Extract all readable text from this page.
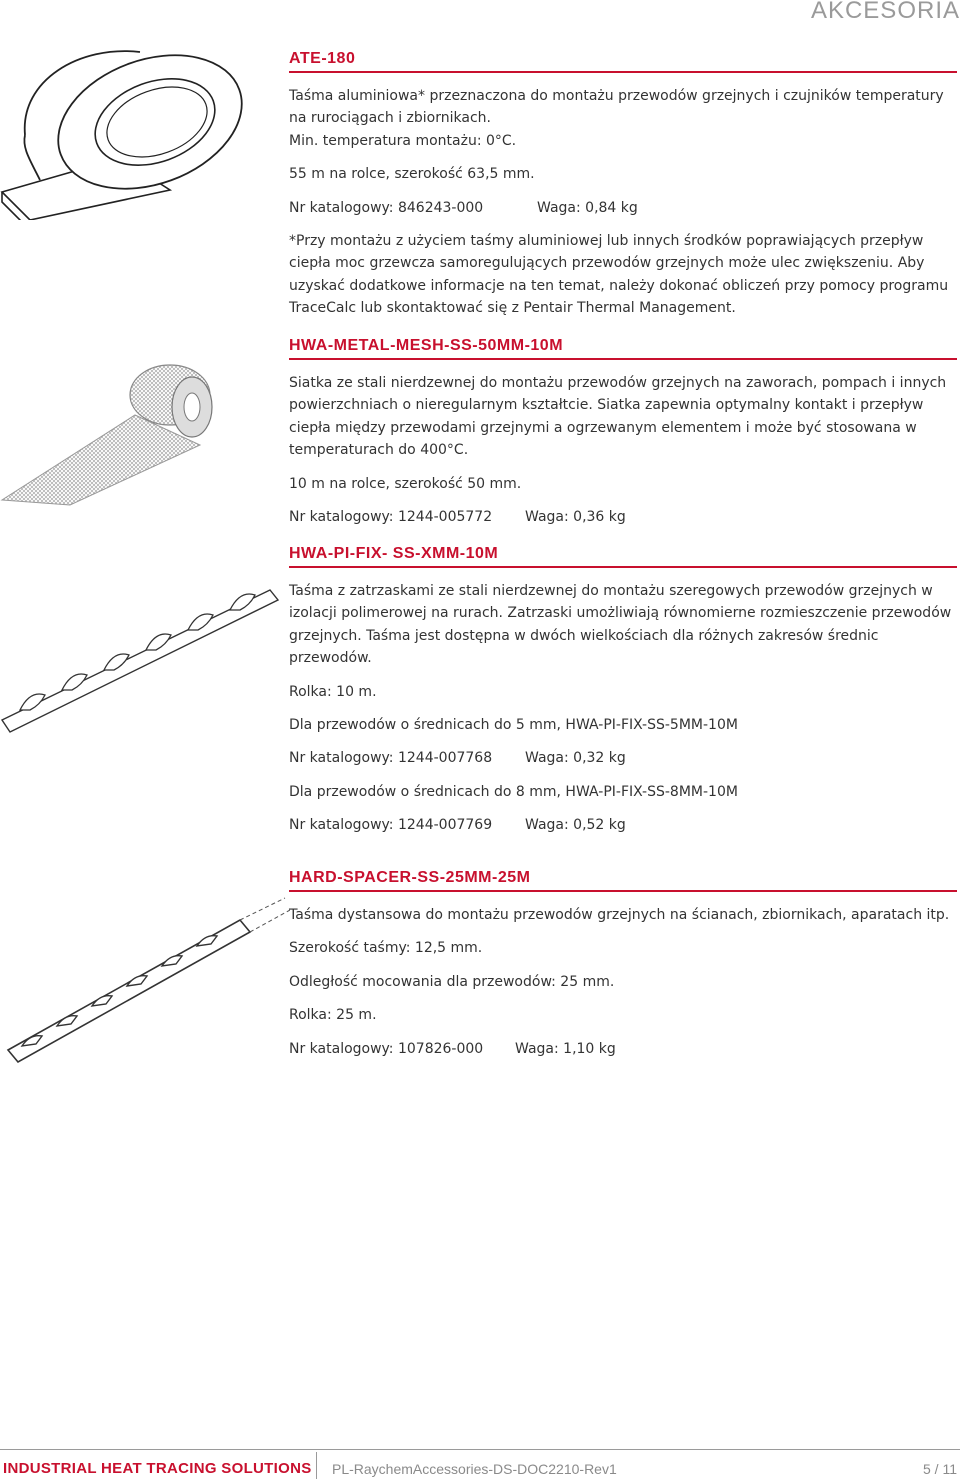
AKCESORIA
ATE-180

Taśma aluminiowa* przeznaczona do montażu przewodów grzejnych i czujników temperatury na rurociągach i zbiornikach.

Min. temperatura montażu: 0°C.

55 m na rolce, szerokość 63,5 mm.

Nr katalogowy: 846243-000	Waga: 0,84 kg

*Przy montażu z użyciem taśmy aluminiowej lub innych środków poprawiających przepływ ciepła moc grzewcza samoregulujących przewodów grzejnych może ulec zwiększeniu. Aby uzyskać dodatkowe informacje na ten temat, należy dokonać obliczeń przy pomocy programu TraceCalc lub skontaktować się z Pentair Thermal Management.

HWA-METAL-MESH-SS-50MM-10M

Siatka ze stali nierdzewnej do montażu przewodów grzejnych na zaworach, pompach i innych powierzchniach o nieregularnym kształtcie. Siatka zapewnia optymalny kontakt i przepływ ciepła między przewodami grzejnymi a ogrzewanym elementem i może być stosowana w temperaturach do 400°C.

10 m na rolce, szerokość 50 mm.

Nr katalogowy: 1244-005772 Waga: 0,36 kg
HWA-PI-FIX- SS-XMM-10M

Taśma z zatrzaskami ze stali nierdzewnej do montażu szeregowych przewodów grzejnych w izolacji polimerowej na rurach. Zatrzaski umożliwiają równomierne rozmieszczenie przewodów grzejnych. Taśma jest dostępna w dwóch wielkościach dla różnych zakresów średnic przewodów.

Rolka: 10 m.

Dla przewodów o średnicach do 5 mm, HWA-PI-FIX-SS-5MM-10M

Nr katalogowy: 1244-007768 Waga: 0,32 kg

Dla przewodów o średnicach do 8 mm, HWA-PI-FIX-SS-8MM-10M

Nr katalogowy: 1244-007769 Waga: 0,52 kg
HARD-SPACER-SS-25MM-25M

Taśma dystansowa do montażu przewodów grzejnych na ścianach, zbiornikach, aparatach itp.

Szerokość taśmy: 12,5 mm.

Odległość mocowania dla przewodów: 25 mm.

Rolka: 25 m.

Nr katalogowy: 107826-000 Waga: 1,10 kg
INDUSTRIAL HEAT TRACING SOLUTIONS PL-RaychemAccessories-DS-DOC2210-Rev1	5 / 11
